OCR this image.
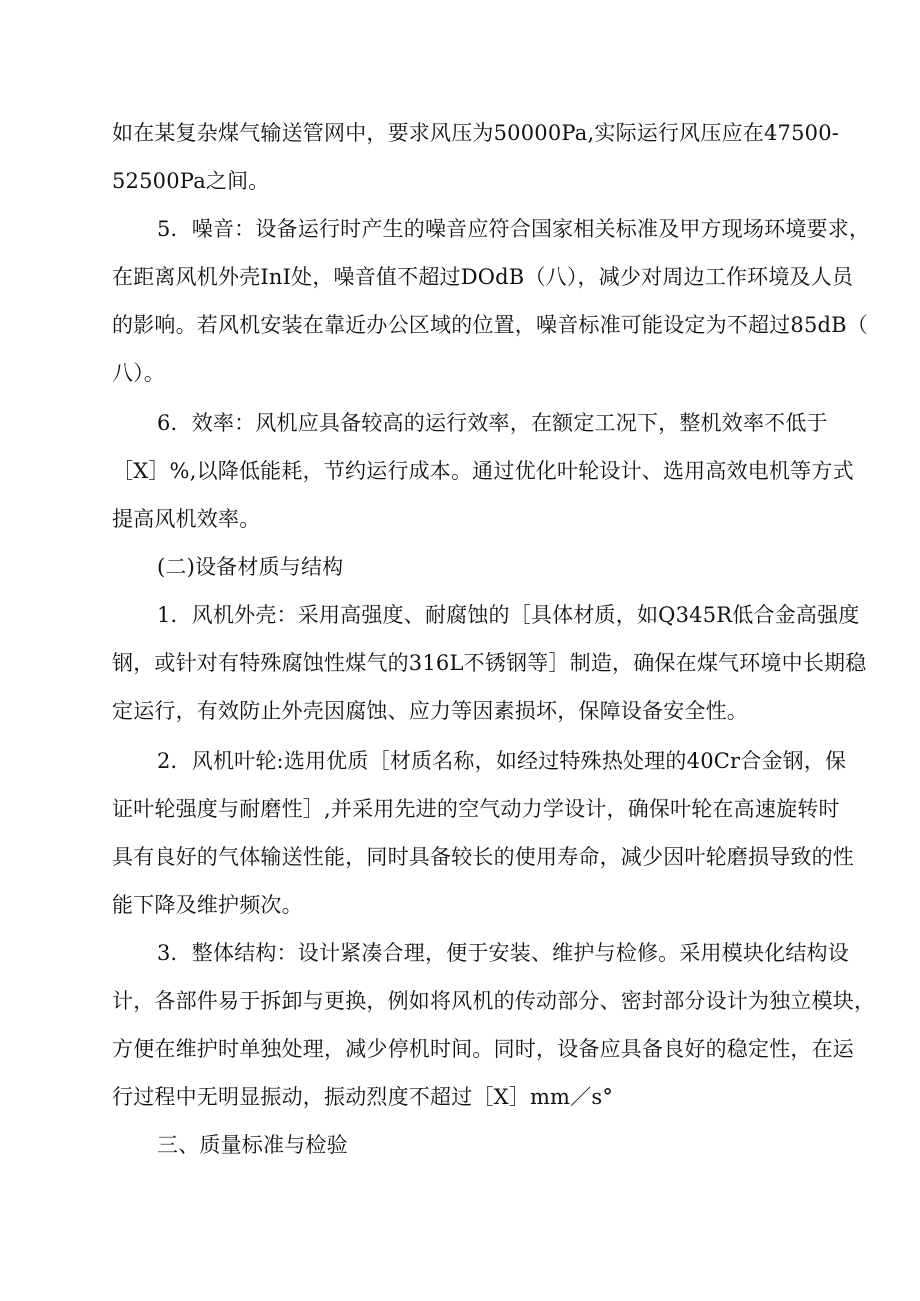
如在某复杂煤气输送管网中，要求风压为50000Pa,实际运行风压应在47500-
52500Pa之间。
5．噪音：设备运行时产生的噪音应符合国家相关标准及甲方现场环境要求，
在距离风机外壳InI处，噪音值不超过DOdB（八），减少对周边工作环境及人员
的影响。若风机安装在靠近办公区域的位置，噪音标准可能设定为不超过85dB（
八）。
6．效率：风机应具备较高的运行效率，在额定工况下，整机效率不低于
［X］%,以降低能耗，节约运行成本。通过优化叶轮设计、选用高效电机等方式
提高风机效率。
(二)设备材质与结构
1．风机外壳：采用高强度、耐腐蚀的［具体材质，如Q345R低合金高强度
钢，或针对有特殊腐蚀性煤气的316L不锈钢等］制造，确保在煤气环境中长期稳
定运行，有效防止外壳因腐蚀、应力等因素损坏，保障设备安全性。
2．风机叶轮:选用优质［材质名称，如经过特殊热处理的40Cr合金钢，保
证叶轮强度与耐磨性］,并采用先进的空气动力学设计，确保叶轮在高速旋转时
具有良好的气体输送性能，同时具备较长的使用寿命，减少因叶轮磨损导致的性
能下降及维护频次。
3．整体结构：设计紧凑合理，便于安装、维护与检修。采用模块化结构设
计，各部件易于拆卸与更换，例如将风机的传动部分、密封部分设计为独立模块，
方便在维护时单独处理，减少停机时间。同时，设备应具备良好的稳定性，在运
行过程中无明显振动，振动烈度不超过［X］mm／s°
三、质量标准与检验
